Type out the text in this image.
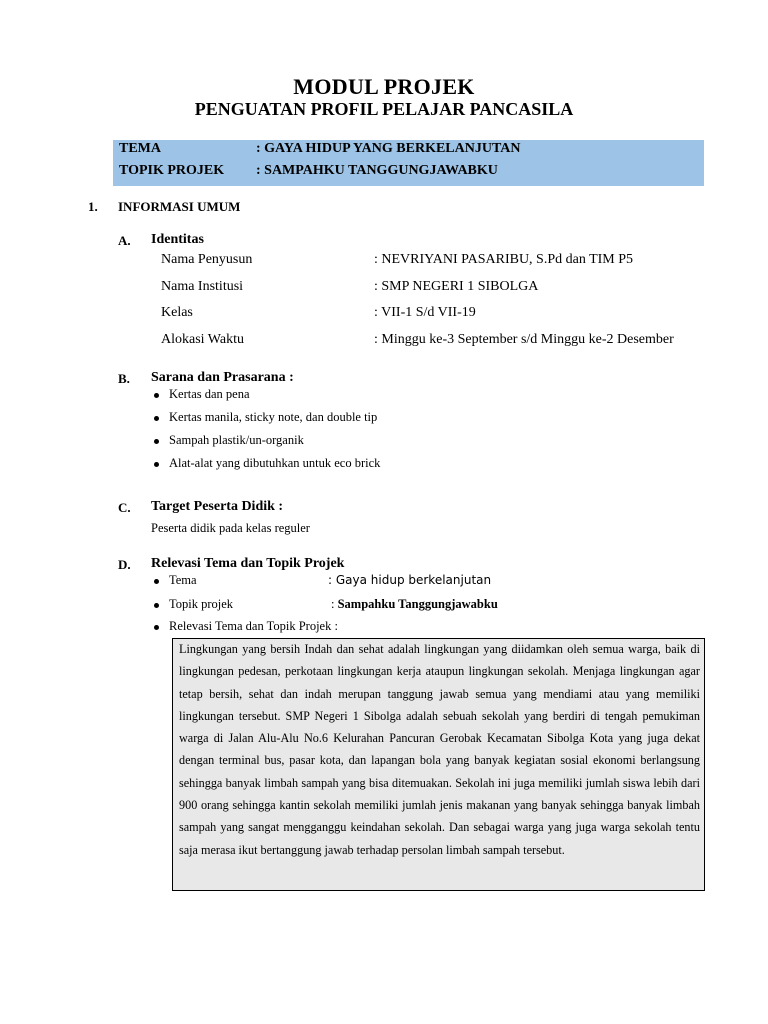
MODUL PROJEK
PENGUATAN PROFIL PELAJAR PANCASILA
TEMA	: GAYA HIDUP YANG BERKELANJUTAN
TOPIK PROJEK : SAMPAHKU TANGGUNGJAWABKU
1. INFORMASI UMUM
A. Identitas
Nama Penyusun	: NEVRIYANI PASARIBU, S.Pd dan TIM P5
Nama Institusi	: SMP NEGERI 1 SIBOLGA
Kelas	: VII-1 S/d VII-19
Alokasi Waktu	: Minggu ke-3 September s/d Minggu ke-2 Desember
B. Sarana dan Prasarana :
Kertas dan pena
Kertas manila, sticky note, dan double tip
Sampah plastik/un-organik
Alat-alat yang dibutuhkan untuk eco brick
C. Target Peserta Didik :
Peserta didik pada kelas reguler
D. Relevasi Tema dan Topik Projek
Tema	: Gaya hidup berkelanjutan
Topik projek	: Sampahku Tanggungjawabku
Relevasi Tema dan Topik Projek :
Lingkungan yang bersih Indah dan sehat adalah lingkungan yang diidamkan oleh semua warga, baik di lingkungan pedesan, perkotaan lingkungan kerja ataupun lingkungan sekolah. Menjaga lingkungan agar tetap bersih, sehat dan indah merupan tanggung jawab semua yang mendiami atau yang memiliki lingkungan tersebut. SMP Negeri 1 Sibolga adalah sebuah sekolah yang berdiri di tengah pemukiman warga di Jalan Alu-Alu No.6 Kelurahan Pancuran Gerobak Kecamatan Sibolga Kota yang juga dekat dengan terminal bus, pasar kota, dan lapangan bola yang banyak kegiatan sosial ekonomi berlangsung sehingga banyak limbah sampah yang bisa ditemuakan. Sekolah ini juga memiliki jumlah siswa lebih dari 900 orang sehingga kantin sekolah memiliki jumlah jenis makanan yang banyak sehingga banyak limbah sampah yang sangat mengganggu keindahan sekolah. Dan sebagai warga yang juga warga sekolah tentu saja merasa ikut bertanggung jawab terhadap persolan limbah sampah tersebut.
